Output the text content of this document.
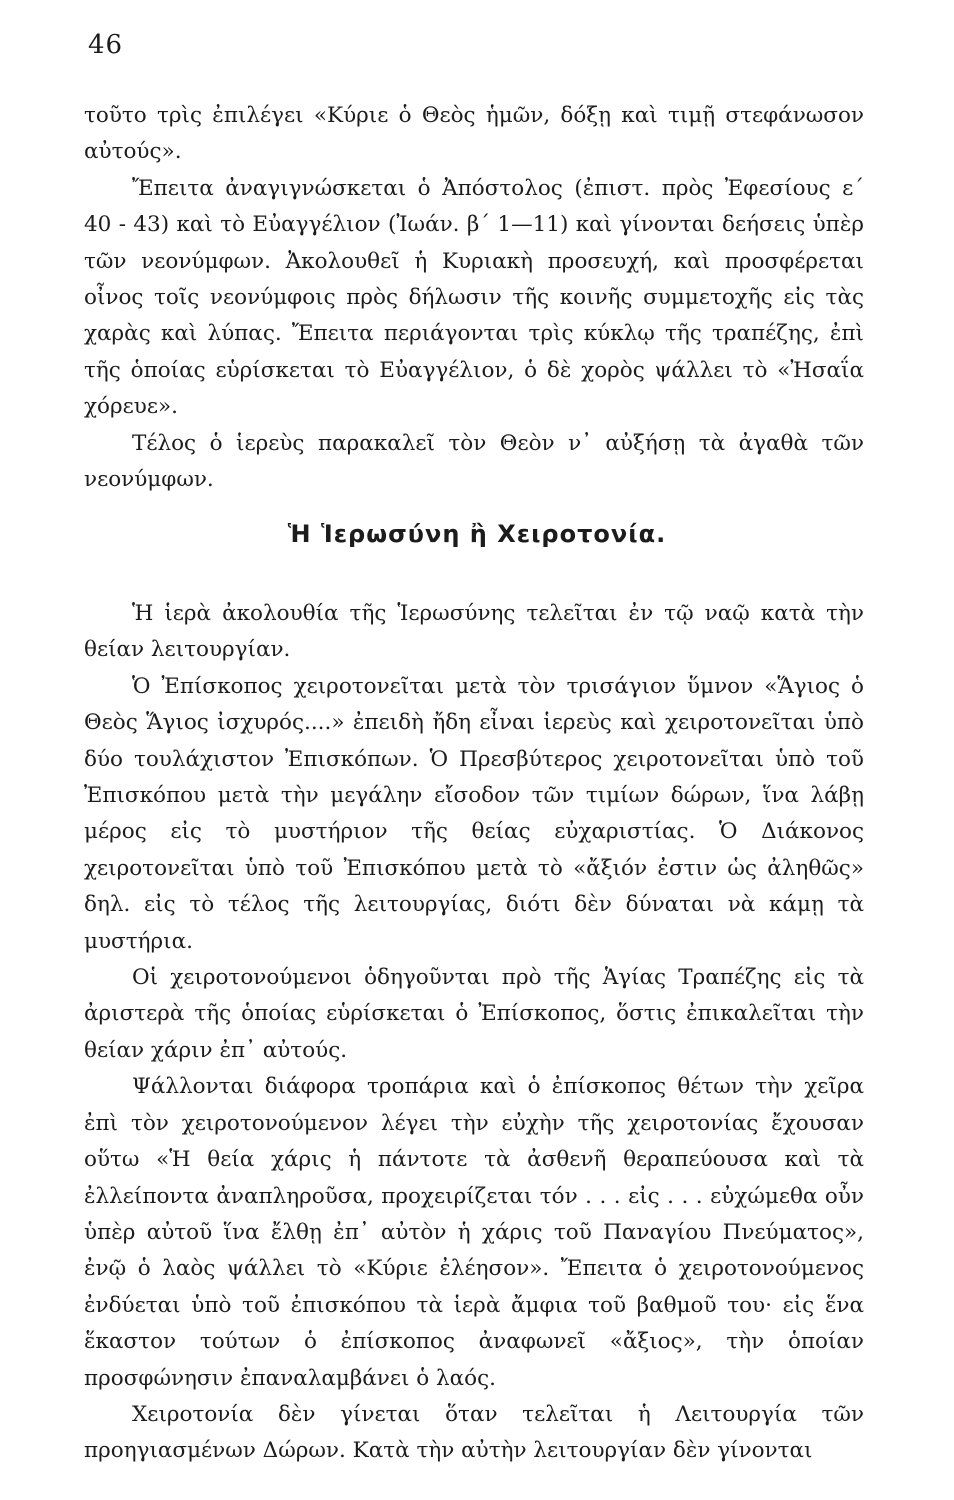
46

τοῦτο τρὶς ἐπιλέγει «Κύριε ὁ Θεὸς ἡμῶν, δόξῃ καὶ τιμῇ στεφάνωσον αὐτούς».

Ἔπειτα ἀναγιγνώσκεται ὁ Ἀπόστολος (ἐπιστ. πρὸς Ἐφεσίους ε΄ 40 - 43) καὶ τὸ Εὐαγγέλιον (Ἰωάν. β΄ 1—11) καὶ γίνονται δεήσεις ὑπὲρ τῶν νεονύμφων. Ἀκολουθεῖ ἡ Κυριακὴ προσευχή, καὶ προσφέρεται οἶνος τοῖς νεονύμφοις πρὸς δήλωσιν τῆς κοινῆς συμμετοχῆς εἰς τὰς χαρὰς καὶ λύπας. Ἔπειτα περιάγονται τρὶς κύκλῳ τῆς τραπέζης, ἐπὶ τῆς ὁποίας εὑρίσκεται τὸ Εὐαγγέλιον, ὁ δὲ χορὸς ψάλλει τὸ «Ἠσαΐα χόρευε».

Τέλος ὁ ἱερεὺς παρακαλεῖ τὸν Θεὸν ν᾽ αὐξήσῃ τὰ ἀγαθὰ τῶν νεονύμφων.

Ἡ Ἱερωσύνη ἢ Χειροτονία.

Ἡ ἱερὰ ἀκολουθία τῆς Ἱερωσύνης τελεῖται ἐν τῷ ναῷ κατὰ τὴν θείαν λειτουργίαν.

Ὁ Ἐπίσκοπος χειροτονεῖται μετὰ τὸν τρισάγιον ὕμνον «Ἅγιος ὁ Θεὸς Ἅγιος ἰσχυρός....» ἐπειδὴ ἤδη εἶναι ἱερεὺς καὶ χειροτονεῖται ὑπὸ δύο τουλάχιστον Ἐπισκόπων. Ὁ Πρεσβύτερος χειροτονεῖται ὑπὸ τοῦ Ἐπισκόπου μετὰ τὴν μεγάλην εἴσοδον τῶν τιμίων δώρων, ἵνα λάβῃ μέρος εἰς τὸ μυστήριον τῆς θείας εὐχαριστίας. Ὁ Διάκονος χειροτονεῖται ὑπὸ τοῦ Ἐπισκόπου μετὰ τὸ «ἄξιόν ἐστιν ὡς ἀληθῶς» δηλ. εἰς τὸ τέλος τῆς λειτουργίας, διότι δὲν δύναται νὰ κάμῃ τὰ μυστήρια.

Οἱ χειροτονούμενοι ὁδηγοῦνται πρὸ τῆς Ἁγίας Τραπέζης εἰς τὰ ἀριστερὰ τῆς ὁποίας εὑρίσκεται ὁ Ἐπίσκοπος, ὅστις ἐπικαλεῖται τὴν θείαν χάριν ἐπ᾽ αὐτούς.

Ψάλλονται διάφορα τροπάρια καὶ ὁ ἐπίσκοπος θέτων τὴν χεῖρα ἐπὶ τὸν χειροτονούμενον λέγει τὴν εὐχὴν τῆς χειροτονίας ἔχουσαν οὕτω «Ἡ θεία χάρις ἡ πάντοτε τὰ ἀσθενῆ θεραπεύουσα καὶ τὰ ἐλλείποντα ἀναπληροῦσα, προχειρίζεται τόν . . . εἰς . . . εὐχώμεθα οὖν ὑπὲρ αὐτοῦ ἵνα ἔλθῃ ἐπ᾽ αὐτὸν ἡ χάρις τοῦ Παναγίου Πνεύματος», ἐνῷ ὁ λαὸς ψάλλει τὸ «Κύριε ἐλέησον». Ἔπειτα ὁ χειροτονούμενος ἐνδύεται ὑπὸ τοῦ ἐπισκόπου τὰ ἱερὰ ἄμφια τοῦ βαθμοῦ του· εἰς ἕνα ἕκαστον τούτων ὁ ἐπίσκοπος ἀναφωνεῖ «ἄξιος», τὴν ὁποίαν προσφώνησιν ἐπαναλαμβάνει ὁ λαός.

Χειροτονία δὲν γίνεται ὅταν τελεῖται ἡ Λειτουργία τῶν προηγιασμένων Δώρων. Κατὰ τὴν αὐτὴν λειτουργίαν δὲν γίνονται
